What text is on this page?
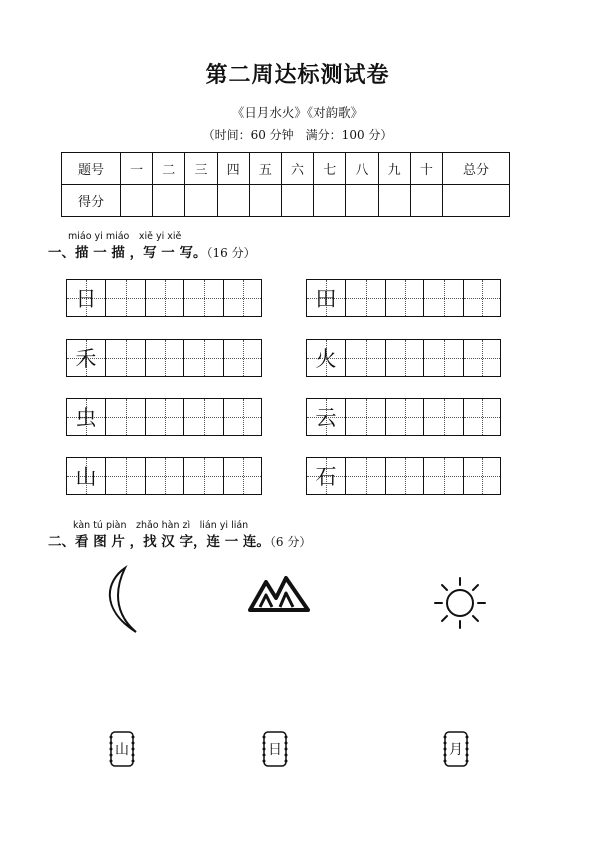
第二周达标测试卷
《日月水火》《对韵歌》
（时间：60 分钟　满分：100 分）
题号	一	二	三	四	五	六	七	八	九	十	总分
得分											
miáo yi miáo　xiě yi xiě
一、描 一 描 ，写 一 写。（16 分）
日	田
禾	火
虫	云
山	石
kàn tú piàn　zhǎo hàn zì　lián yi lián
二、看 图 片 ，找 汉 字，连 一 连。（6 分）
山	日	月
